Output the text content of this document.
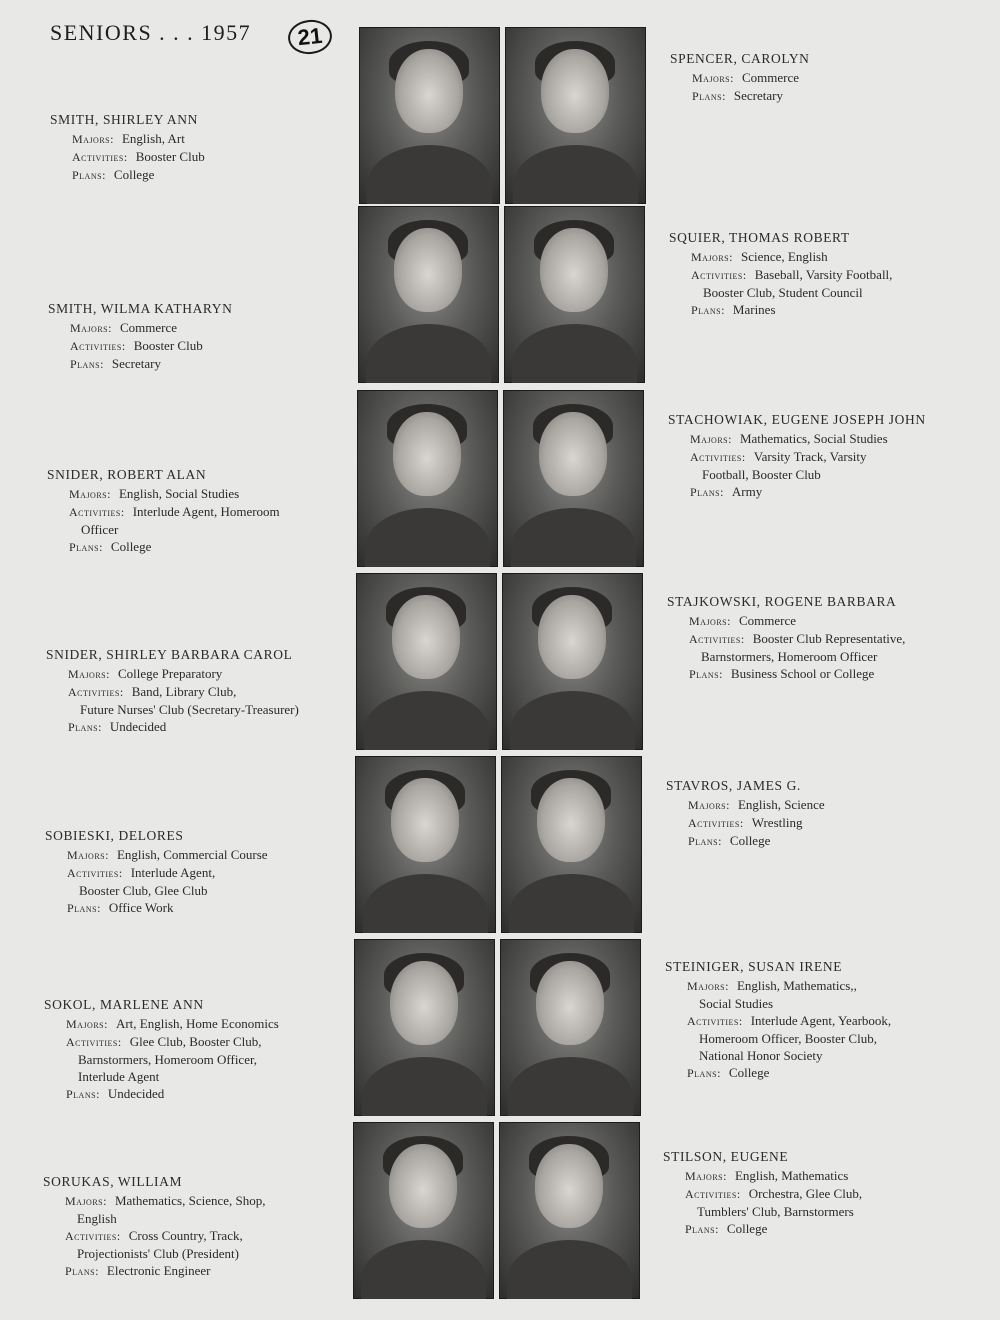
SENIORS . . . 1957	21
SMITH, SHIRLEY ANN
Majors: English, Art
Activities: Booster Club
Plans: College
SPENCER, CAROLYN
Majors: Commerce
Plans: Secretary
SMITH, WILMA KATHARYN
Majors: Commerce
Activities: Booster Club
Plans: Secretary
SQUIER, THOMAS ROBERT
Majors: Science, English
Activities: Baseball, Varsity Football,
Booster Club, Student Council
Plans: Marines
SNIDER, ROBERT ALAN
Majors: English, Social Studies
Activities: Interlude Agent, Homeroom
Officer
Plans: College
STACHOWIAK, EUGENE JOSEPH JOHN
Majors: Mathematics, Social Studies
Activities: Varsity Track, Varsity
Football, Booster Club
Plans: Army
SNIDER, SHIRLEY BARBARA CAROL
Majors: College Preparatory
Activities: Band, Library Club,
Future Nurses' Club (Secretary-Treasurer)
Plans: Undecided
STAJKOWSKI, ROGENE BARBARA
Majors: Commerce
Activities: Booster Club Representative,
Barnstormers, Homeroom Officer
Plans: Business School or College
SOBIESKI, DELORES
Majors: English, Commercial Course
Activities: Interlude Agent,
Booster Club, Glee Club
Plans: Office Work
STAVROS, JAMES G.
Majors: English, Science
Activities: Wrestling
Plans: College
SOKOL, MARLENE ANN
Majors: Art, English, Home Economics
Activities: Glee Club, Booster Club,
Barnstormers, Homeroom Officer,
Interlude Agent
Plans: Undecided
STEINIGER, SUSAN IRENE
Majors: English, Mathematics,,
Social Studies
Activities: Interlude Agent, Yearbook,
Homeroom Officer, Booster Club,
National Honor Society
Plans: College
SORUKAS, WILLIAM
Majors: Mathematics, Science, Shop,
English
Activities: Cross Country, Track,
Projectionists' Club (President)
Plans: Electronic Engineer
STILSON, EUGENE
Majors: English, Mathematics
Activities: Orchestra, Glee Club,
Tumblers' Club, Barnstormers
Plans: College
